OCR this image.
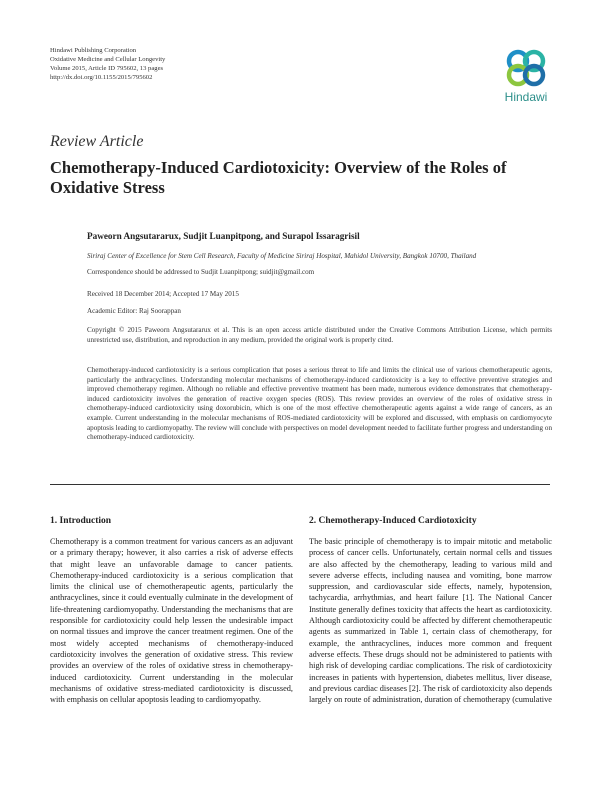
Hindawi Publishing Corporation
Oxidative Medicine and Cellular Longevity
Volume 2015, Article ID 795602, 13 pages
http://dx.doi.org/10.1155/2015/795602
Hindawi
Review Article
Chemotherapy-Induced Cardiotoxicity: Overview of the Roles of Oxidative Stress
Paweorn Angsutararux, Sudjit Luanpitpong, and Surapol Issaragrisil
Siriraj Center of Excellence for Stem Cell Research, Faculty of Medicine Siriraj Hospital, Mahidol University, Bangkok 10700, Thailand
Correspondence should be addressed to Sudjit Luanpitpong; suidjit@gmail.com
Received 18 December 2014; Accepted 17 May 2015
Academic Editor: Raj Soorappan
Copyright © 2015 Paweorn Angsutararux et al. This is an open access article distributed under the Creative Commons Attribution License, which permits unrestricted use, distribution, and reproduction in any medium, provided the original work is properly cited.
Chemotherapy-induced cardiotoxicity is a serious complication that poses a serious threat to life and limits the clinical use of various chemotherapeutic agents, particularly the anthracyclines. Understanding molecular mechanisms of chemotherapy-induced cardiotoxicity is a key to effective preventive strategies and improved chemotherapy regimen. Although no reliable and effective preventive treatment has been made, numerous evidence demonstrates that chemotherapy-induced cardiotoxicity involves the generation of reactive oxygen species (ROS). This review provides an overview of the roles of oxidative stress in chemotherapy-induced cardiotoxicity using doxorubicin, which is one of the most effective chemotherapeutic agents against a wide range of cancers, as an example. Current understanding in the molecular mechanisms of ROS-mediated cardiotoxicity will be explored and discussed, with emphasis on cardiomyocyte apoptosis leading to cardiomyopathy. The review will conclude with perspectives on model development needed to facilitate further progress and understanding on chemotherapy-induced cardiotoxicity.
1. Introduction
Chemotherapy is a common treatment for various cancers as an adjuvant or a primary therapy; however, it also carries a risk of adverse effects that might leave an unfavorable damage to cancer patients. Chemotherapy-induced cardiotoxicity is a serious complication that limits the clinical use of chemotherapeutic agents, particularly the anthracyclines, since it could eventually culminate in the development of life-threatening cardiomyopathy. Understanding the mechanisms that are responsible for cardiotoxicity could help lessen the undesirable impact on normal tissues and improve the cancer treatment regimen. One of the most widely accepted mechanisms of chemotherapy-induced cardiotoxicity involves the generation of oxidative stress. This review provides an overview of the roles of oxidative stress in chemotherapy-induced cardiotoxicity. Current understanding in the molecular mechanisms of oxidative stress-mediated cardiotoxicity is discussed, with emphasis on cellular apoptosis leading to cardiomyopathy.
2. Chemotherapy-Induced Cardiotoxicity
The basic principle of chemotherapy is to impair mitotic and metabolic process of cancer cells. Unfortunately, certain normal cells and tissues are also affected by the chemotherapy, leading to various mild and severe adverse effects, including nausea and vomiting, bone marrow suppression, and cardiovascular side effects, namely, hypotension, tachycardia, arrhythmias, and heart failure [1]. The National Cancer Institute generally defines toxicity that affects the heart as cardiotoxicity. Although cardiotoxicity could be affected by different chemotherapeutic agents as summarized in Table 1, certain class of chemotherapy, for example, the anthracyclines, induces more common and frequent adverse effects. These drugs should not be administered to patients with high risk of developing cardiac complications. The risk of cardiotoxicity increases in patients with hypertension, diabetes mellitus, liver disease, and previous cardiac diseases [2]. The risk of cardiotoxicity also depends largely on route of administration, duration of chemotherapy (cumulative
